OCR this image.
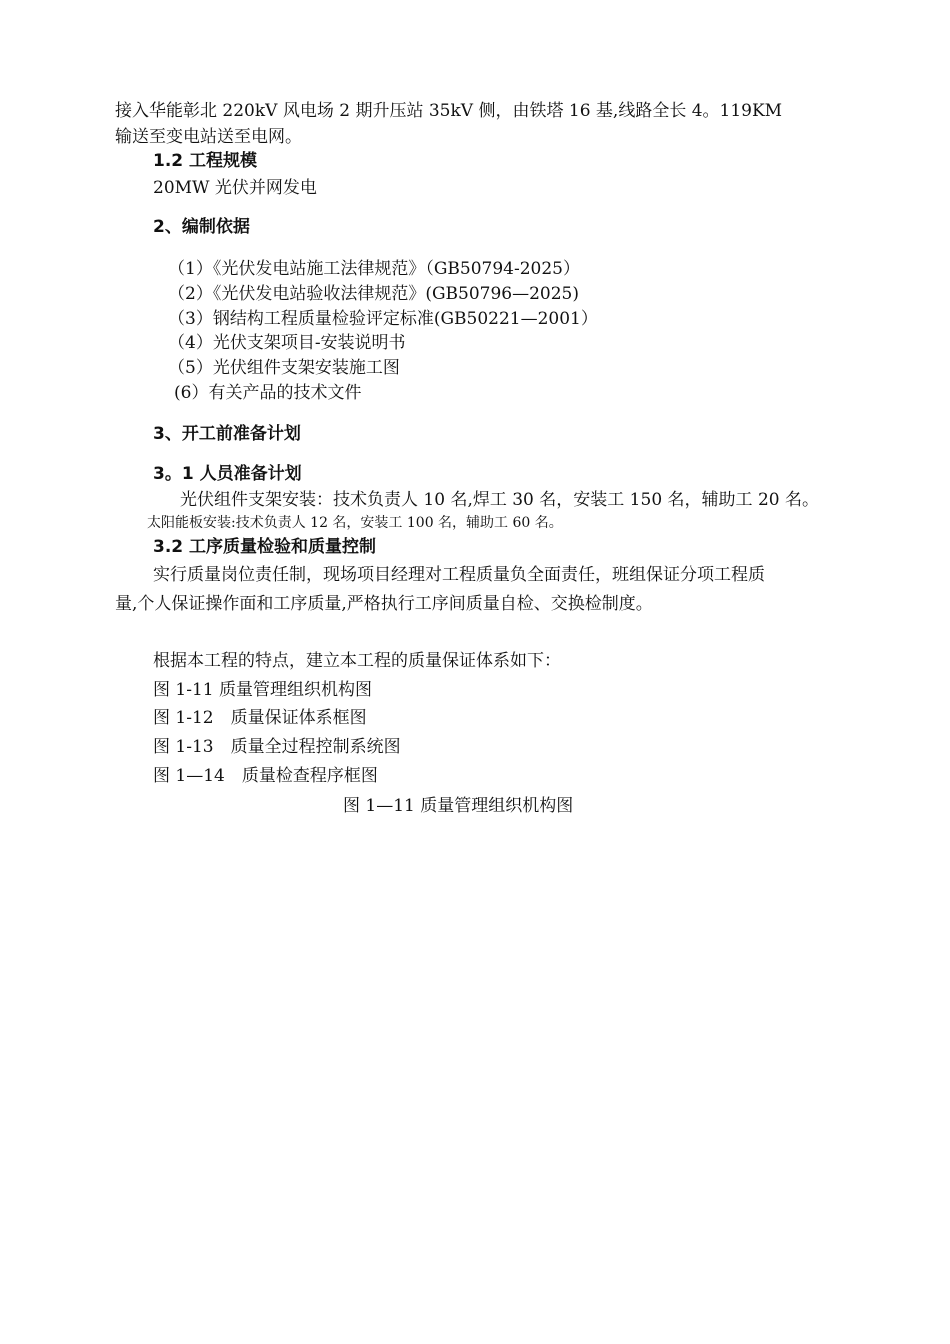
接入华能彰北 220kV 风电场 2 期升压站 35kV 侧，由铁塔 16 基,线路全长 4。119KM
输送至变电站送至电网。
1.2 工程规模
20MW 光伏并网发电
2、编制依据
（1）《光伏发电站施工法律规范》（GB50794-2025）
（2）《光伏发电站验收法律规范》(GB50796—2025)
（3）钢结构工程质量检验评定标准(GB50221—2001）
（4）光伏支架项目-安装说明书
（5）光伏组件支架安装施工图
(6）有关产品的技术文件
3、开工前准备计划
3。1 人员准备计划
光伏组件支架安装：技术负责人 10 名,焊工 30 名，安装工 150 名，辅助工 20 名。
太阳能板安装:技术负责人 12 名，安装工 100 名，辅助工 60 名。
3.2 工序质量检验和质量控制
实行质量岗位责任制，现场项目经理对工程质量负全面责任，班组保证分项工程质
量,个人保证操作面和工序质量,严格执行工序间质量自检、交换检制度。
根据本工程的特点，建立本工程的质量保证体系如下：
图 1-11 质量管理组织机构图
图 1-12　质量保证体系框图
图 1-13　质量全过程控制系统图
图 1—14　质量检查程序框图
图 1—11 质量管理组织机构图
